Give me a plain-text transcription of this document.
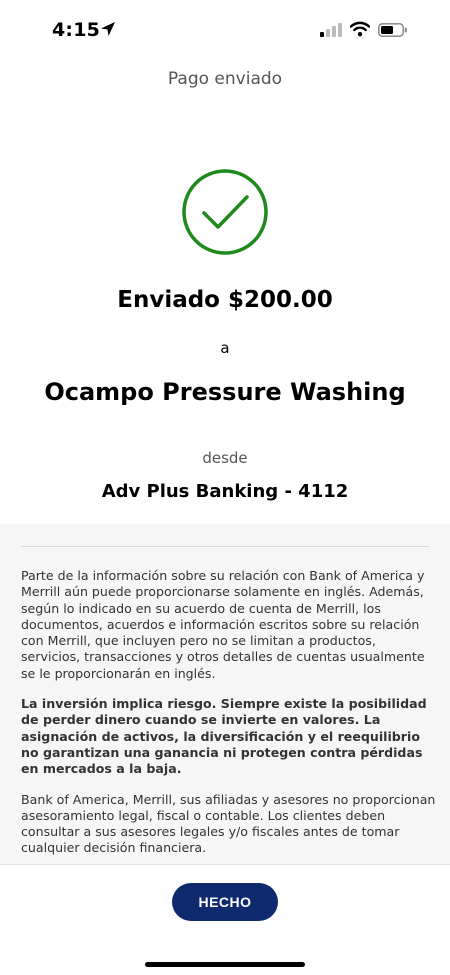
4:15
Pago enviado
Enviado $200.00
a
Ocampo Pressure Washing
desde
Adv Plus Banking - 4112

Parte de la información sobre su relación con Bank of America y Merrill aún puede proporcionarse solamente en inglés. Además, según lo indicado en su acuerdo de cuenta de Merrill, los documentos, acuerdos e información escritos sobre su relación con Merrill, que incluyen pero no se limitan a productos, servicios, transacciones y otros detalles de cuentas usualmente se le proporcionarán en inglés.

La inversión implica riesgo. Siempre existe la posibilidad de perder dinero cuando se invierte en valores. La asignación de activos, la diversificación y el reequilibrio no garantizan una ganancia ni protegen contra pérdidas en mercados a la baja.

Bank of America, Merrill, sus afiliadas y asesores no proporcionan asesoramiento legal, fiscal o contable. Los clientes deben consultar a sus asesores legales y/o fiscales antes de tomar cualquier decisión financiera.

HECHO
